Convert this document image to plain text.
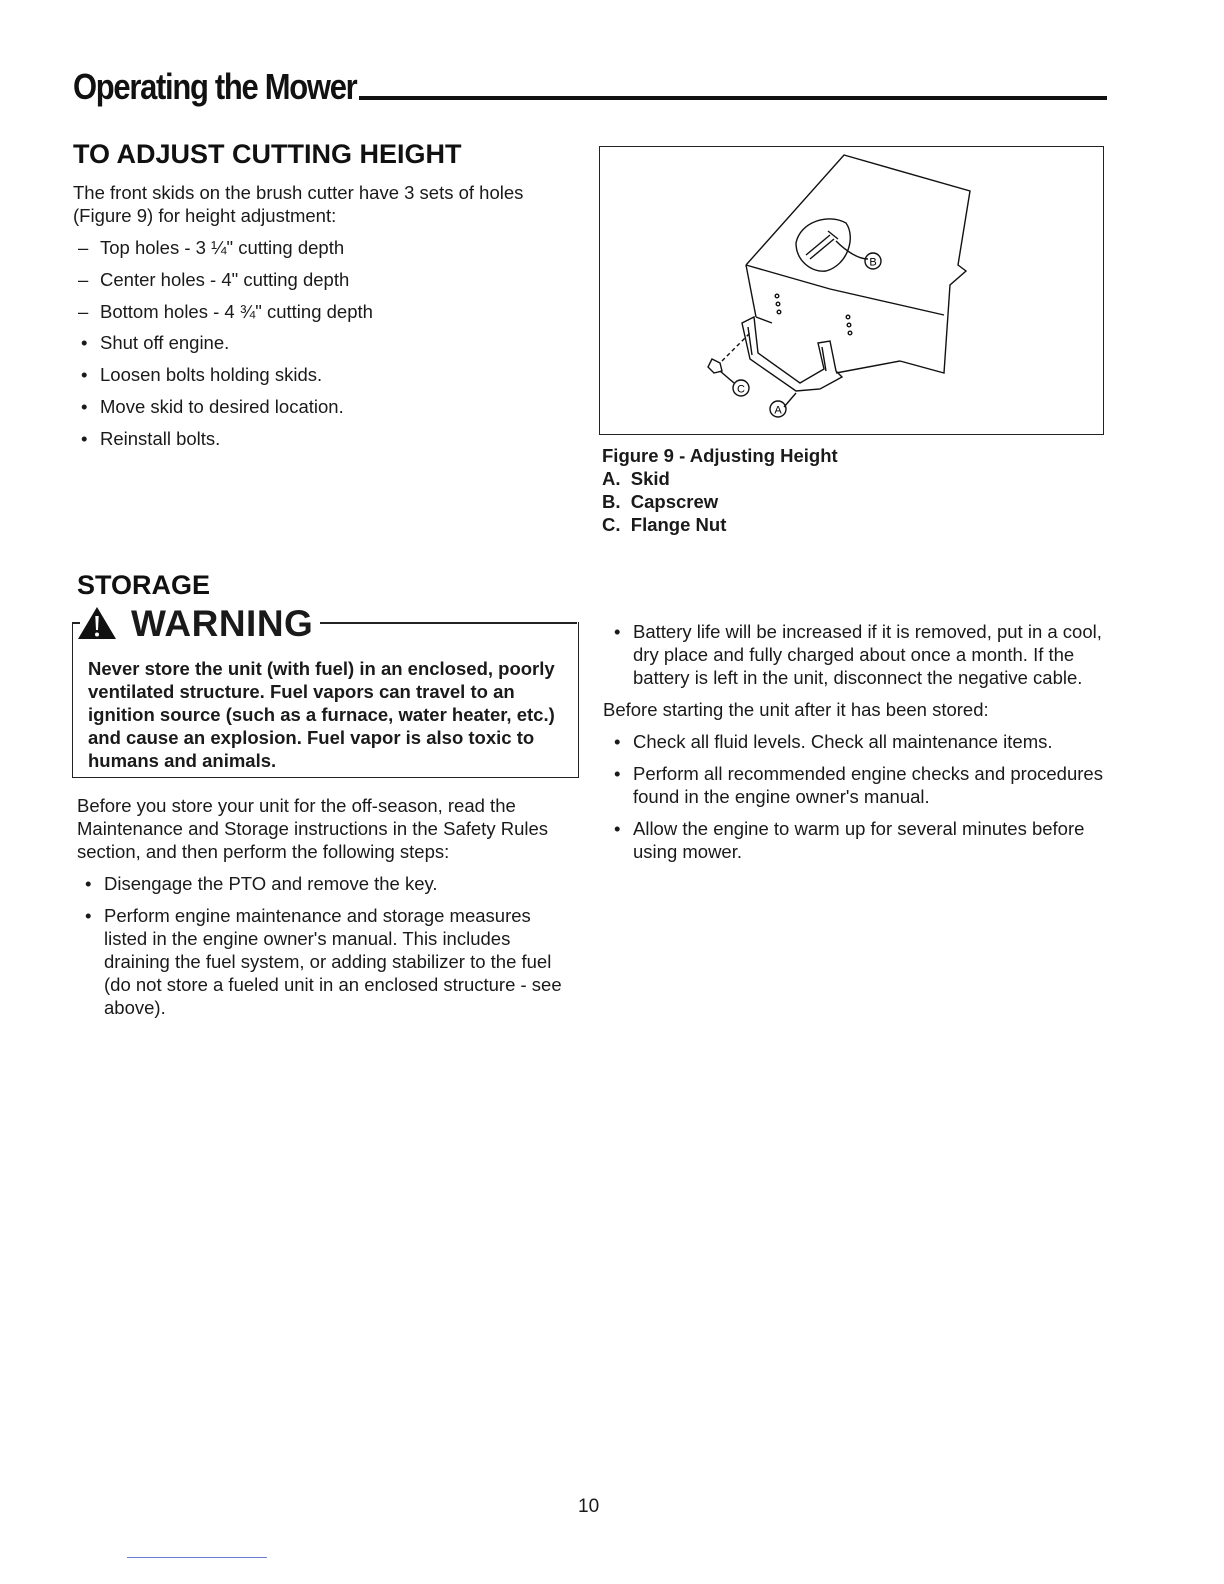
Operating the Mower
TO ADJUST CUTTING HEIGHT
The front skids on the brush cutter have 3 sets of holes (Figure 9) for height adjustment:
– Top holes - 3 ¼" cutting depth
– Center holes - 4" cutting depth
– Bottom holes - 4 ¾" cutting depth
• Shut off engine.
• Loosen bolts holding skids.
• Move skid to desired location.
• Reinstall bolts.
B
C
A
Figure 9 - Adjusting Height
A.  Skid
B.  Capscrew
C.  Flange Nut
STORAGE
WARNING
Never store the unit (with fuel) in an enclosed, poorly ventilated structure. Fuel vapors can travel to an ignition source (such as a furnace, water heater, etc.) and cause an explosion. Fuel vapor is also toxic to humans and animals.
Before you store your unit for the off-season, read the Maintenance and Storage instructions in the Safety Rules section, and then perform the following steps:
• Disengage the PTO and remove the key.
• Perform engine maintenance and storage measures listed in the engine owner's manual. This includes draining the fuel system, or adding stabilizer to the fuel (do not store a fueled unit in an enclosed structure - see above).
• Battery life will be increased if it is removed, put in a cool, dry place and fully charged about once a month. If the battery is left in the unit, disconnect the negative cable.
Before starting the unit after it has been stored:
• Check all fluid levels. Check all maintenance items.
• Perform all recommended engine checks and procedures found in the engine owner's manual.
• Allow the engine to warm up for several minutes before using mower.
10
